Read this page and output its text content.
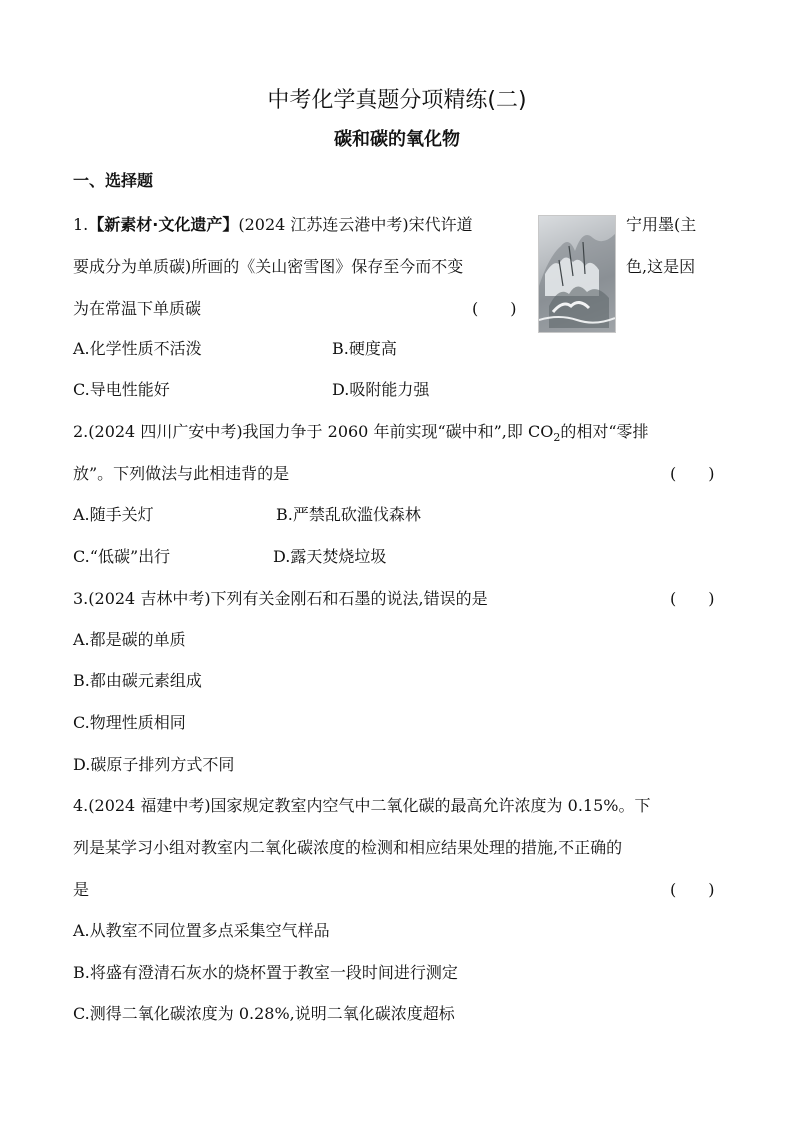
中考化学真题分项精练(二)
碳和碳的氧化物
一、选择题
1.【新素材·文化遗产】(2024 江苏连云港中考)宋代许道	宁用墨(主
要成分为单质碳)所画的《关山密雪图》保存至今而不变	色,这是因
为在常温下单质碳	(　　)
A.化学性质不活泼	B.硬度高
C.导电性能好	D.吸附能力强
2.(2024 四川广安中考)我国力争于 2060 年前实现“碳中和”,即 $CO_2$的相对“零排
放”。下列做法与此相违背的是	(　　)
A.随手关灯	B.严禁乱砍滥伐森林
C.“低碳”出行	D.露天焚烧垃圾
3.(2024 吉林中考)下列有关金刚石和石墨的说法,错误的是	(　　)
A.都是碳的单质
B.都由碳元素组成
C.物理性质相同
D.碳原子排列方式不同
4.(2024 福建中考)国家规定教室内空气中二氧化碳的最高允许浓度为 0.15%。下
列是某学习小组对教室内二氧化碳浓度的检测和相应结果处理的措施,不正确的
是	(　　)
A.从教室不同位置多点采集空气样品
B.将盛有澄清石灰水的烧杯置于教室一段时间进行测定
C.测得二氧化碳浓度为 0.28%,说明二氧化碳浓度超标
